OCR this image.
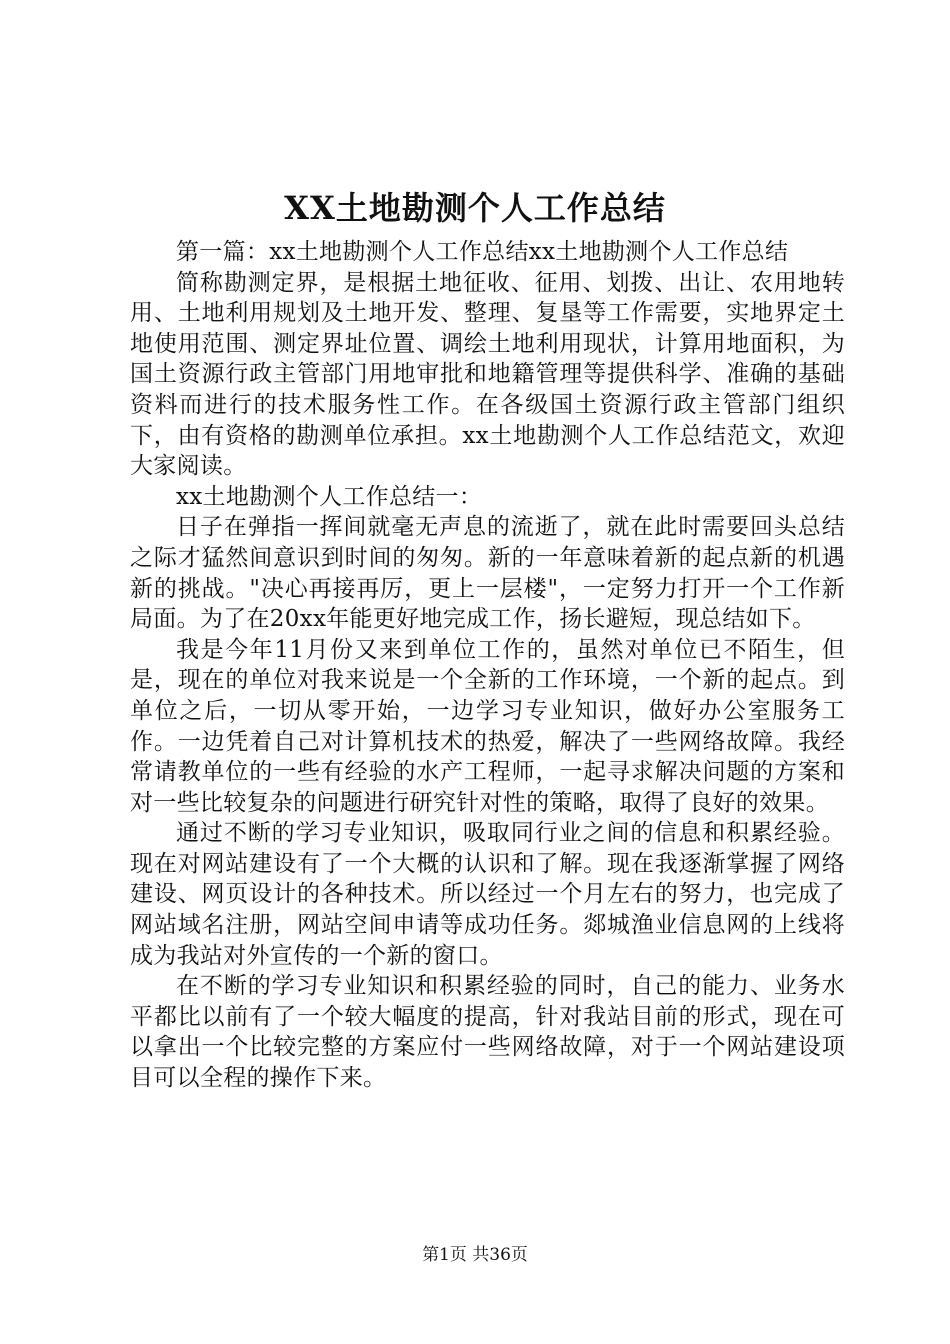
XX土地勘测个人工作总结

第一篇：xx土地勘测个人工作总结xx土地勘测个人工作总结

简称勘测定界，是根据土地征收、征用、划拨、出让、农用地转用、土地利用规划及土地开发、整理、复垦等工作需要，实地界定土地使用范围、测定界址位置、调绘土地利用现状，计算用地面积，为国土资源行政主管部门用地审批和地籍管理等提供科学、准确的基础资料而进行的技术服务性工作。在各级国土资源行政主管部门组织下，由有资格的勘测单位承担。xx土地勘测个人工作总结范文，欢迎大家阅读。

xx土地勘测个人工作总结一：

日子在弹指一挥间就毫无声息的流逝了，就在此时需要回头总结之际才猛然间意识到时间的匆匆。新的一年意味着新的起点新的机遇新的挑战。"决心再接再厉，更上一层楼"，一定努力打开一个工作新局面。为了在20xx年能更好地完成工作，扬长避短，现总结如下。

我是今年11月份又来到单位工作的，虽然对单位已不陌生，但是，现在的单位对我来说是一个全新的工作环境，一个新的起点。到单位之后，一切从零开始，一边学习专业知识，做好办公室服务工作。一边凭着自己对计算机技术的热爱，解决了一些网络故障。我经常请教单位的一些有经验的水产工程师，一起寻求解决问题的方案和对一些比较复杂的问题进行研究针对性的策略，取得了良好的效果。

通过不断的学习专业知识，吸取同行业之间的信息和积累经验。现在对网站建设有了一个大概的认识和了解。现在我逐渐掌握了网络建设、网页设计的各种技术。所以经过一个月左右的努力，也完成了网站域名注册，网站空间申请等成功任务。郯城渔业信息网的上线将成为我站对外宣传的一个新的窗口。

在不断的学习专业知识和积累经验的同时，自己的能力、业务水平都比以前有了一个较大幅度的提高，针对我站目前的形式，现在可以拿出一个比较完整的方案应付一些网络故障，对于一个网站建设项目可以全程的操作下来。

第1页 共36页
